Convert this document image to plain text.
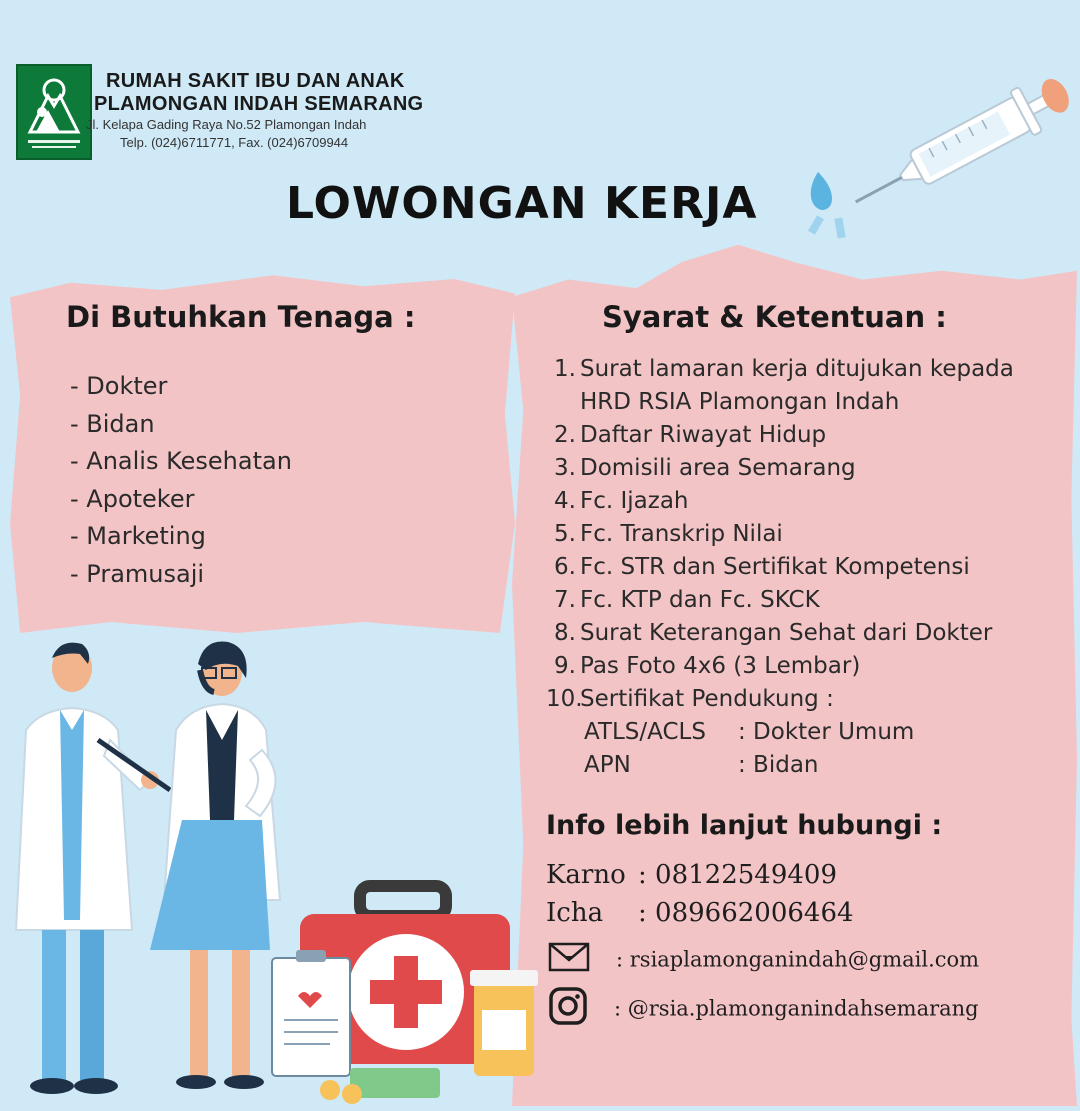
RUMAH SAKIT IBU DAN ANAK
PLAMONGAN INDAH SEMARANG
Jl. Kelapa Gading Raya No.52 Plamongan Indah
Telp. (024)6711771, Fax. (024)6709944
LOWONGAN KERJA
Di Butuhkan Tenaga :
- Dokter
- Bidan
- Analis Kesehatan
- Apoteker
- Marketing
- Pramusaji
Syarat & Ketentuan :
1. Surat lamaran kerja ditujukan kepada
HRD RSIA Plamongan Indah
2. Daftar Riwayat Hidup
3. Domisili area Semarang
4. Fc. Ijazah
5. Fc. Transkrip Nilai
6. Fc. STR dan Sertifikat Kompetensi
7. Fc. KTP dan Fc. SKCK
8. Surat Keterangan Sehat dari Dokter
9. Pas Foto 4x6 (3 Lembar)
10.
Sertifikat Pendukung :
ATLS/ACLS : Dokter Umum
APN	: Bidan
Info lebih lanjut hubungi :
Karno : 08122549409
Icha : 089662006464
: rsiaplamonganindah@gmail.com
: @rsia.plamonganindahsemarang
